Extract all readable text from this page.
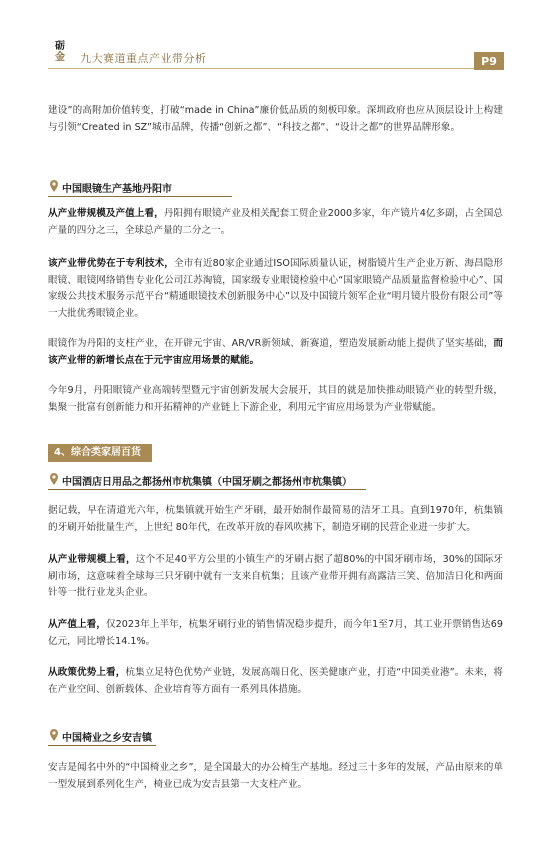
砺
金 九大赛道重点产业带分析	P9

建设”的高附加价值转变，打破“made in China”廉价低品质的刻板印象。深圳政府也应从顶层设计上构建与引领“Created in SZ”城市品牌，传播“创新之都”、“科技之都”、“设计之都”的世界品牌形象。

中国眼镜生产基地丹阳市

从产业带规模及产值上看，丹阳拥有眼镜产业及相关配套工贸企业2000多家，年产镜片4亿多副，占全国总产量的四分之三，全球总产量的二分之一。

该产业带优势在于专利技术，全市有近80家企业通过ISO国际质量认证，树脂镜片生产企业万新、海昌隐形眼镜、眼镜网络销售专业化公司江苏淘镜，国家级专业眼镜检验中心“国家眼镜产品质量监督检验中心”、国家级公共技术服务示范平台“精通眼镜技术创新服务中心”以及中国镜片领军企业“明月镜片股份有限公司”等一大批优秀眼镜企业。

眼镜作为丹阳的支柱产业，在开辟元宇宙、AR/VR新领域、新赛道，塑造发展新动能上提供了坚实基础，而该产业带的新增长点在于元宇宙应用场景的赋能。

今年9月，丹阳眼镜产业高端转型暨元宇宙创新发展大会展开，其目的就是加快推动眼镜产业的转型升级，集聚一批富有创新能力和开拓精神的产业链上下游企业，利用元宇宙应用场景为产业带赋能。

4、综合类家居百货
中国酒店日用品之都扬州市杭集镇（中国牙刷之都扬州市杭集镇）

据记载，早在清道光六年，杭集镇就开始生产牙刷，最开始制作最简易的洁牙工具。直到1970年，杭集镇的牙刷开始批量生产，上世纪 80年代，在改革开放的春风吹拂下，制造牙刷的民营企业进一步扩大。

从产业带规模上看，这个不足40平方公里的小镇生产的牙刷占据了超80%的中国牙刷市场，30%的国际牙刷市场，这意味着全球每三只牙刷中就有一支来自杭集；且该产业带开拥有高露洁三笑、倍加洁日化和两面针等一批行业龙头企业。

从产值上看，仅2023年上半年，杭集牙刷行业的销售情况稳步提升，而今年1至7月，其工业开票销售达69亿元，同比增长14.1%。

从政策优势上看，杭集立足特色优势产业链，发展高端日化、医美健康产业，打造“中国美业港”。未来，将在产业空间、创新载体、企业培育等方面有一系列具体措施。

中国椅业之乡安吉镇

安吉是闻名中外的“中国椅业之乡”，是全国最大的办公椅生产基地。经过三十多年的发展，产品由原来的单一型发展到系列化生产，椅业已成为安吉县第一大支柱产业。
